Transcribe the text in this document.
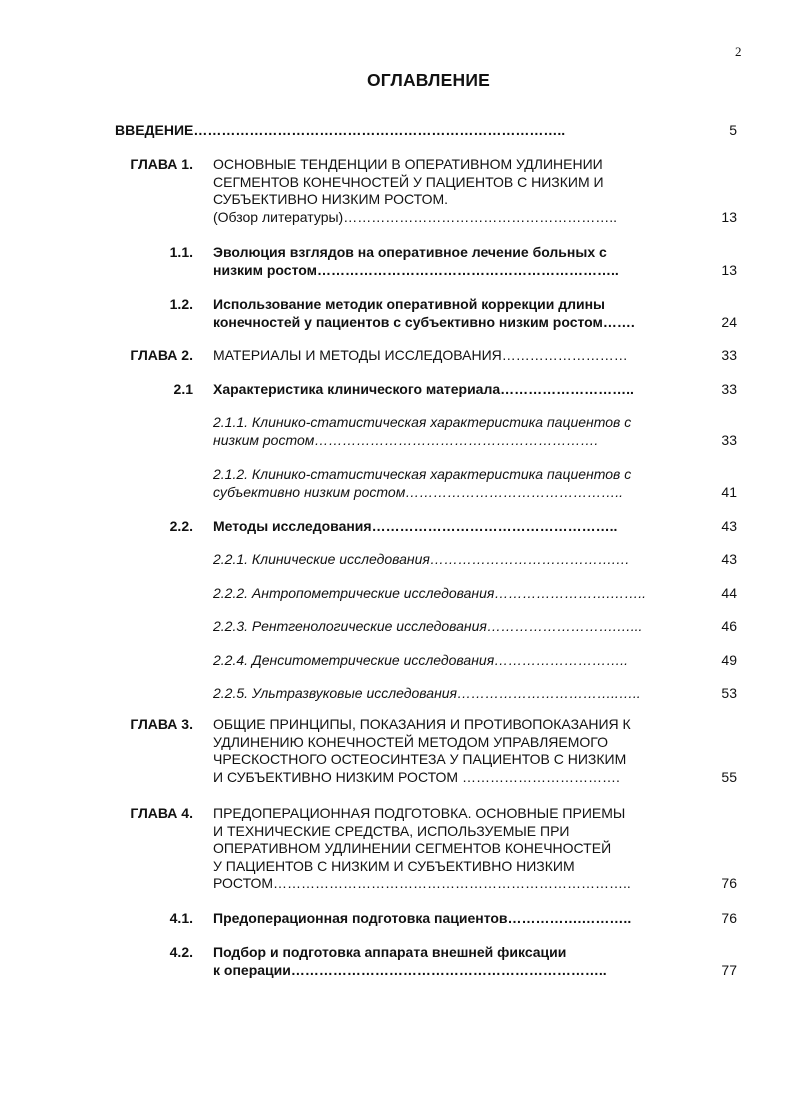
2
ОГЛАВЛЕНИЕ
ВВЕДЕНИЕ……………………………………………………………………..	5
ГЛАВА 1. ОСНОВНЫЕ ТЕНДЕНЦИИ В ОПЕРАТИВНОМ УДЛИНЕНИИ
СЕГМЕНТОВ КОНЕЧНОСТЕЙ У ПАЦИЕНТОВ С НИЗКИМ И
СУБЪЕКТИВНО НИЗКИМ РОСТОМ.
(Обзор литературы)…………………………………………………..	13
1.1. Эволюция взглядов на оперативное лечение больных с
низким ростом………………………………………………………..	13
1.2. Использование методик оперативной коррекции длины
конечностей у пациентов с субъективно низким ростом…….	24
ГЛАВА 2. МАТЕРИАЛЫ И МЕТОДЫ ИССЛЕДОВАНИЯ………………………	33
2.1 Характеристика клинического материала………………………..	33
2.1.1. Клинико-статистическая характеристика пациентов с
низким ростом…………………………………………………….	33
2.1.2. Клинико-статистическая характеристика пациентов с
субъективно низким ростом………………………………………..	41
2.2. Методы исследования……………………………………………..	43
2.2.1. Клинические исследования………………………………….…	43
2.2.2. Антропометрические исследования…………………….……..	44
2.2.3. Рентгенологические исследования……………………….…...	46
2.2.4. Денситометрические исследования………………………..	49
2.2.5. Ультразвуковые исследования……………………………..…..	53
ГЛАВА 3. ОБЩИЕ ПРИНЦИПЫ, ПОКАЗАНИЯ И ПРОТИВОПОКАЗАНИЯ К
УДЛИНЕНИЮ КОНЕЧНОСТЕЙ МЕТОДОМ УПРАВЛЯЕМОГО
ЧРЕСКОСТНОГО ОСТЕОСИНТЕЗА У ПАЦИЕНТОВ С НИЗКИМ
И СУБЪЕКТИВНО НИЗКИМ РОСТОМ …………………………….	55
ГЛАВА 4. ПРЕДОПЕРАЦИОННАЯ ПОДГОТОВКА. ОСНОВНЫЕ ПРИЕМЫ
И ТЕХНИЧЕСКИЕ СРЕДСТВА, ИСПОЛЬЗУЕМЫЕ ПРИ
ОПЕРАТИВНОМ УДЛИНЕНИИ СЕГМЕНТОВ КОНЕЧНОСТЕЙ
У ПАЦИЕНТОВ С НИЗКИМ И СУБЪЕКТИВНО НИЗКИМ
РОСТОМ…………………………………………………………………..	76
4.1. Предоперационная подготовка пациентов…………….………..	76
4.2. Подбор и подготовка аппарата внешней фиксации
к операции…………………………………………………………..	77
